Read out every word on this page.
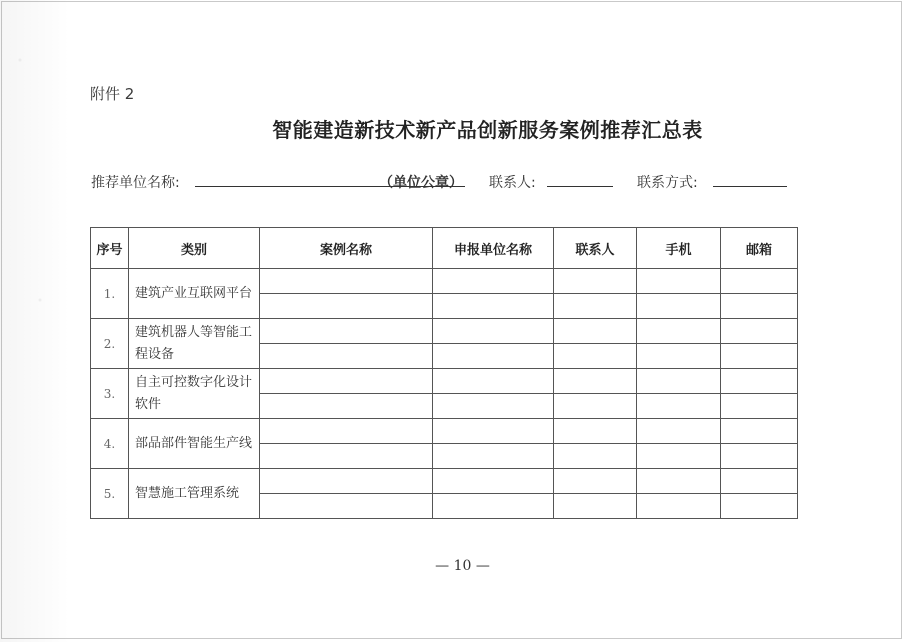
附件 2
智能建造新技术新产品创新服务案例推荐汇总表
推荐单位名称:	（单位公章） 联系人:	联系方式:
序号	类别	案例名称	申报单位名称	联系人	手机	邮箱
1.	建筑产业互联网平台					

2.	建筑机器人等智能工程设备					

3.	自主可控数字化设计软件					

4.	部品部件智能生产线					

5.	智慧施工管理系统					

— 10 —
